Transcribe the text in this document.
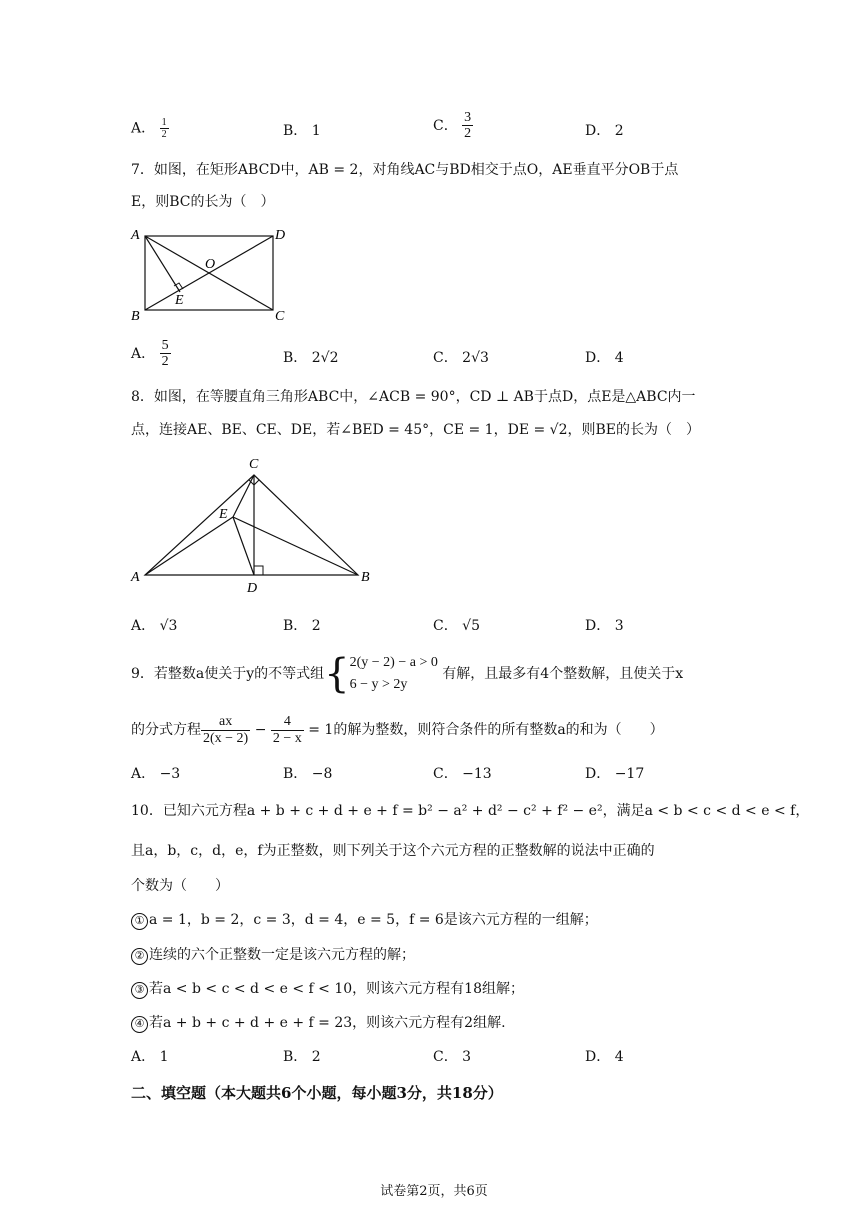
A． $\frac{1}{2}$	B． 1	C． $\frac{3}{2}$	D． 2
7．如图，在矩形ABCD中，AB = 2，对角线AC与BD相交于点O，AE垂直平分OB于点
E，则BC的长为（　）
A	D
B	C
O
E
A． $\frac{5}{2}$	B． 2√2	C． 2√3	D． 4
8．如图，在等腰直角三角形ABC中，∠ACB = 90°，CD ⊥ AB于点D，点E是△ABC内一
点，连接AE、BE、CE、DE，若∠BED = 45°，CE = 1，DE = √2，则BE的长为（　）
C
A	B
D
E
A． √3	B． 2	C． √5	D． 3
9．若整数a使关于y的不等式组{2(y − 2) − a > 0
6 − y > 2y 有解，且最多有4个整数解，且使关于x
的分式方程 $\frac{ax}{2(x - 2)} - \frac{4}{2 - x} = 1$的解为整数，则符合条件的所有整数a的和为（　　）
A． −3	B． −8	C． −13	D． −17
10．已知六元方程a + b + c + d + e + f = b² − a² + d² − c² + f² − e²，满足a < b < c < d < e < f，
且a，b，c，d，e，f为正整数，则下列关于这个六元方程的正整数解的说法中正确的
个数为（　　）
① a = 1，b = 2，c = 3，d = 4，e = 5，f = 6是该六元方程的一组解；
② 连续的六个正整数一定是该六元方程的解；
③ 若a < b < c < d < e < f < 10，则该六元方程有18组解；
④ 若a + b + c + d + e + f = 23，则该六元方程有2组解.
A． 1	B． 2	C． 3	D． 4
二、填空题（本大题共6个小题，每小题3分，共18分）
试卷第2页，共6页
